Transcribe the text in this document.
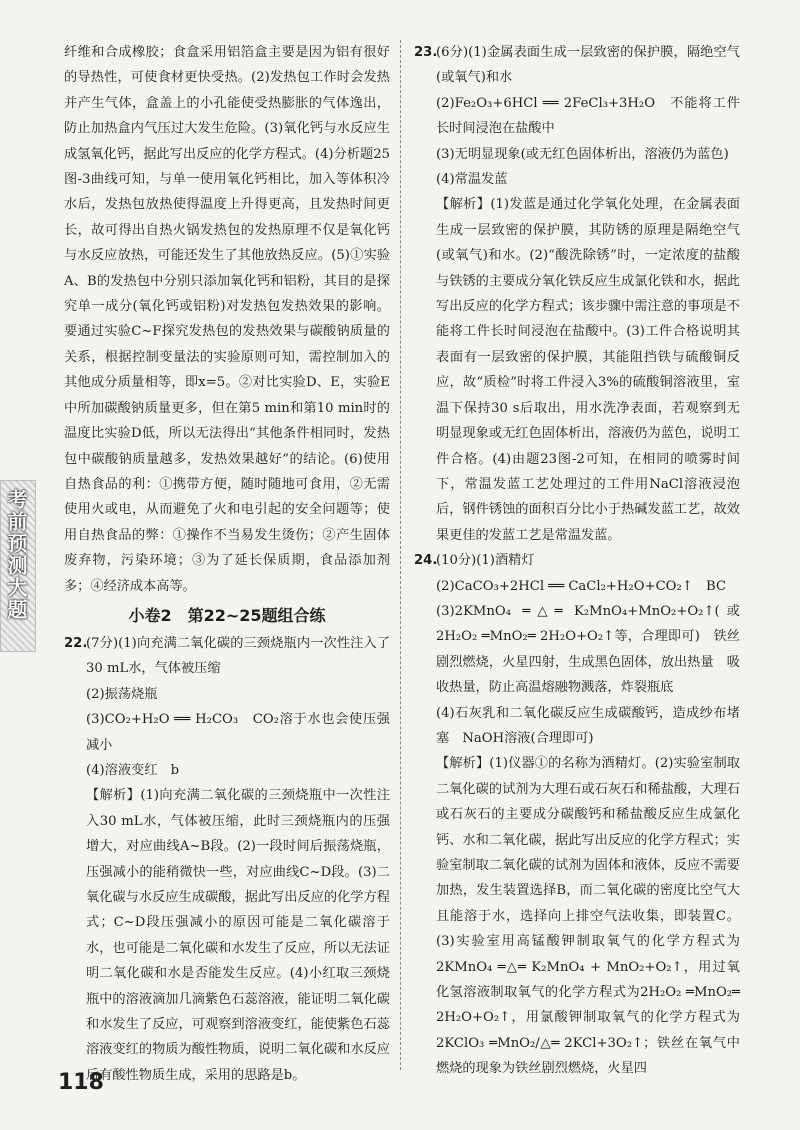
考前预测大题

纤维和合成橡胶；食盒采用铝箔盒主要是因为铝有很好的导热性，可使食材更快受热。(2)发热包工作时会发热并产生气体，盒盖上的小孔能使受热膨胀的气体逸出，防止加热盒内气压过大发生危险。(3)氧化钙与水反应生成氢氧化钙，据此写出反应的化学方程式。(4)分析题25图-3曲线可知，与单一使用氧化钙相比，加入等体积冷水后，发热包放热使得温度上升得更高，且发热时间更长，故可得出自热火锅发热包的发热原理不仅是氧化钙与水反应放热，可能还发生了其他放热反应。(5)①实验A、B的发热包中分别只添加氧化钙和铝粉，其目的是探究单一成分(氧化钙或铝粉)对发热包发热效果的影响。要通过实验C~F探究发热包的发热效果与碳酸钠质量的关系，根据控制变量法的实验原则可知，需控制加入的其他成分质量相等，即x=5。②对比实验D、E，实验E中所加碳酸钠质量更多，但在第5 min和第10 min时的温度比实验D低，所以无法得出“其他条件相同时，发热包中碳酸钠质量越多，发热效果越好”的结论。(6)使用自热食品的利：①携带方便，随时随地可食用，②无需使用火或电，从而避免了火和电引起的安全问题等；使用自热食品的弊：①操作不当易发生烫伤；②产生固体废弃物，污染环境；③为了延长保质期，食品添加剂多；④经济成本高等。

小卷2　第22~25题组合练

22.(7分)(1)向充满二氧化碳的三颈烧瓶内一次性注入了30 mL水，气体被压缩

(2)振荡烧瓶

(3)CO₂+H₂O ══ H₂CO₃　CO₂溶于水也会使压强减小

(4)溶液变红　b

【解析】(1)向充满二氧化碳的三颈烧瓶中一次性注入30 mL水，气体被压缩，此时三颈烧瓶内的压强增大，对应曲线A~B段。(2)一段时间后振荡烧瓶，压强减小的能稍微快一些，对应曲线C~D段。(3)二氧化碳与水反应生成碳酸，据此写出反应的化学方程式；C~D段压强减小的原因可能是二氧化碳溶于水，也可能是二氧化碳和水发生了反应，所以无法证明二氧化碳和水是否能发生反应。(4)小红取三颈烧瓶中的溶液滴加几滴紫色石蕊溶液，能证明二氧化碳和水发生了反应，可观察到溶液变红，能使紫色石蕊溶液变红的物质为酸性物质，说明二氧化碳和水反应后有酸性物质生成，采用的思路是b。

23.(6分)(1)金属表面生成一层致密的保护膜，隔绝空气(或氧气)和水

(2)Fe₂O₃+6HCl ══ 2FeCl₃+3H₂O　不能将工件长时间浸泡在盐酸中

(3)无明显现象(或无红色固体析出，溶液仍为蓝色)

(4)常温发蓝

【解析】(1)发蓝是通过化学氧化处理，在金属表面生成一层致密的保护膜，其防锈的原理是隔绝空气(或氧气)和水。(2)“酸洗除锈”时，一定浓度的盐酸与铁锈的主要成分氧化铁反应生成氯化铁和水，据此写出反应的化学方程式；该步骤中需注意的事项是不能将工件长时间浸泡在盐酸中。(3)工件合格说明其表面有一层致密的保护膜，其能阻挡铁与硫酸铜反应，故“质检”时将工件浸入3%的硫酸铜溶液里，室温下保持30 s后取出，用水洗净表面，若观察到无明显现象或无红色固体析出，溶液仍为蓝色，说明工件合格。(4)由题23图-2可知，在相同的喷雾时间下，常温发蓝工艺处理过的工件用NaCl溶液浸泡后，钢件锈蚀的面积百分比小于热碱发蓝工艺，故效果更佳的发蓝工艺是常温发蓝。

24.(10分)(1)酒精灯

(2)CaCO₃+2HCl ══ CaCl₂+H₂O+CO₂↑　BC

(3)2KMnO₄ ═△═ K₂MnO₄+MnO₂+O₂↑(或2H₂O₂ ═MnO₂═ 2H₂O+O₂↑等，合理即可)　铁丝剧烈燃烧，火星四射，生成黑色固体，放出热量　吸收热量，防止高温熔融物溅落，炸裂瓶底

(4)石灰乳和二氧化碳反应生成碳酸钙，造成纱布堵塞　NaOH溶液(合理即可)

【解析】(1)仪器①的名称为酒精灯。(2)实验室制取二氧化碳的试剂为大理石或石灰石和稀盐酸，大理石或石灰石的主要成分碳酸钙和稀盐酸反应生成氯化钙、水和二氧化碳，据此写出反应的化学方程式；实验室制取二氧化碳的试剂为固体和液体，反应不需要加热，发生装置选择B，而二氧化碳的密度比空气大且能溶于水，选择向上排空气法收集，即装置C。(3)实验室用高锰酸钾制取氧气的化学方程式为2KMnO₄ ═△═ K₂MnO₄ + MnO₂+O₂↑，用过氧化氢溶液制取氧气的化学方程式为2H₂O₂ ═MnO₂═ 2H₂O+O₂↑，用氯酸钾制取氧气的化学方程式为2KClO₃ ═MnO₂/△═ 2KCl+3O₂↑；铁丝在氧气中燃烧的现象为铁丝剧烈燃烧，火星四

118
